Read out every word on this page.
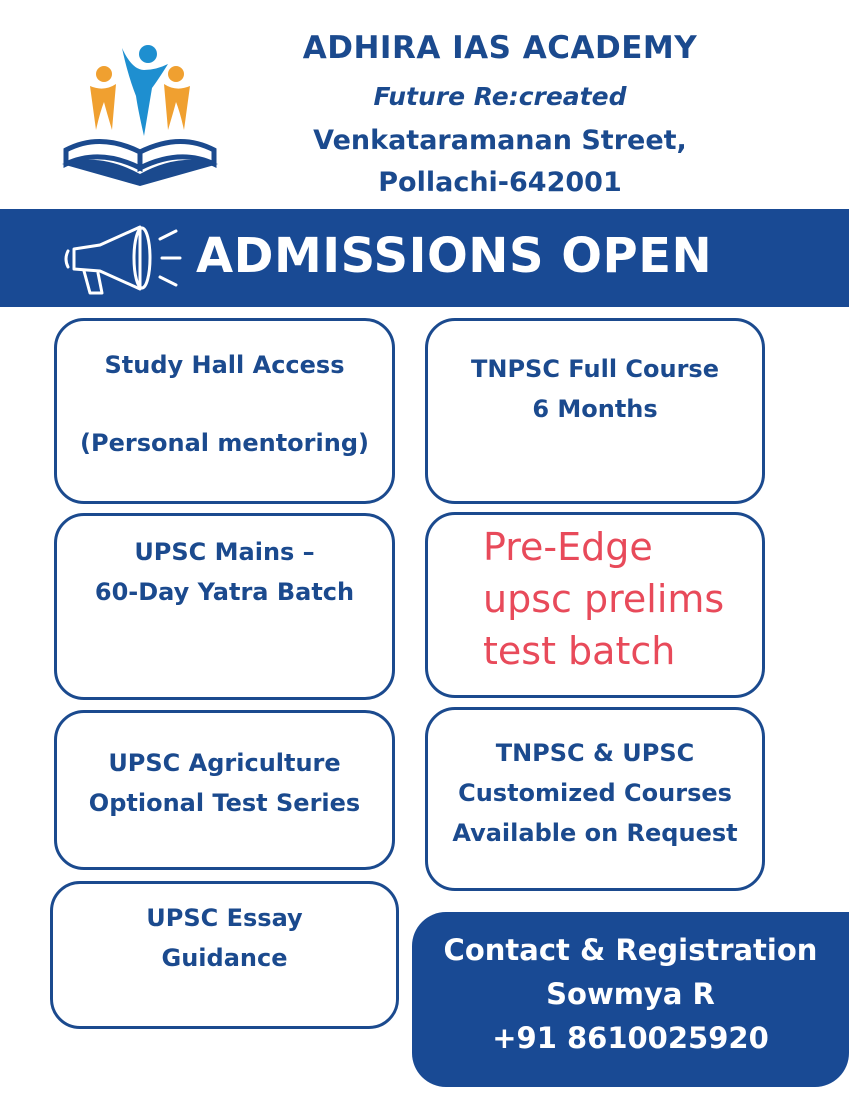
ADHIRA IAS ACADEMY
Future Re:created
Venkataramanan Street,
Pollachi-642001
ADMISSIONS OPEN
Study Hall Access
(Personal mentoring)
TNPSC Full Course
6 Months
UPSC Mains –
60-Day Yatra Batch
Pre-Edge
upsc prelims
test batch
UPSC Agriculture
Optional Test Series
TNPSC & UPSC
Customized Courses
Available on Request
UPSC Essay
Guidance	Contact & Registration
Sowmya R
+91 8610025920
